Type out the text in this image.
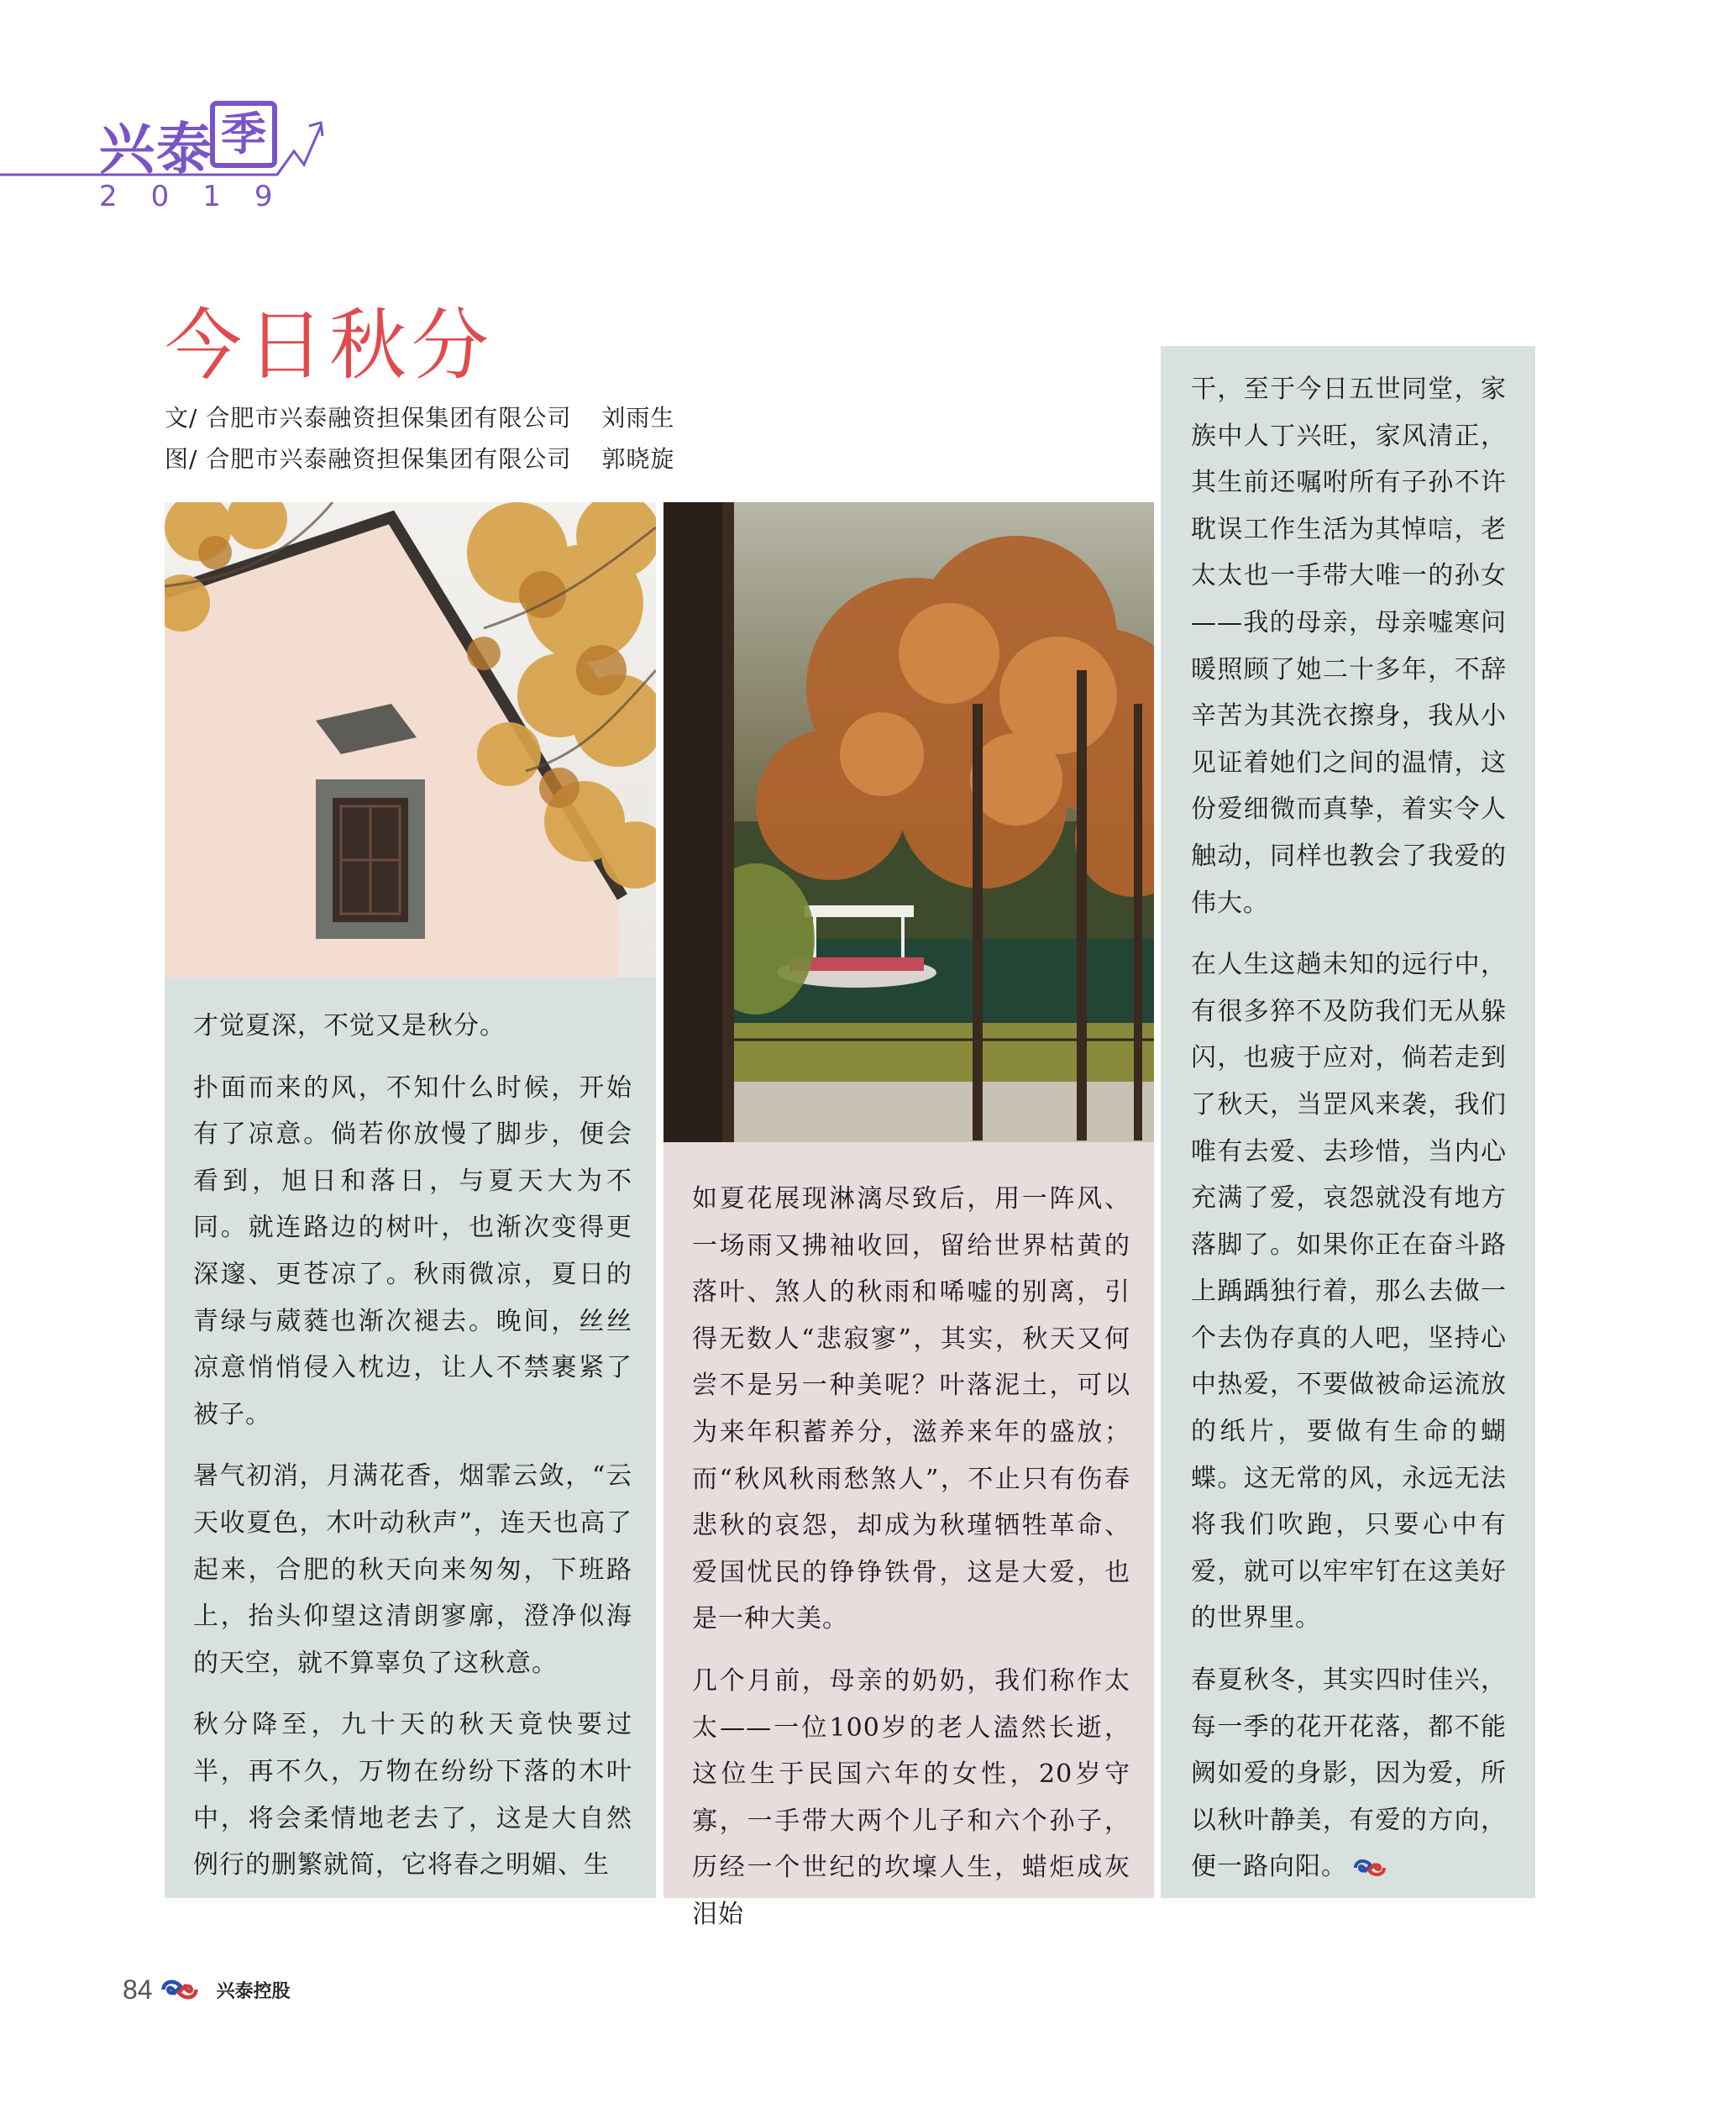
兴泰 季
2019
今日秋分
文/ 合肥市兴泰融资担保集团有限公司 刘雨生
图/ 合肥市兴泰融资担保集团有限公司 郭晓旋

才觉夏深，不觉又是秋分。

扑面而来的风，不知什么时候，开始有了凉意。倘若你放慢了脚步，便会看到，旭日和落日，与夏天大为不同。就连路边的树叶，也渐次变得更深邃、更苍凉了。秋雨微凉，夏日的青绿与葳蕤也渐次褪去。晚间，丝丝凉意悄悄侵入枕边，让人不禁裹紧了被子。

暑气初消，月满花香，烟霏云敛，“云天收夏色，木叶动秋声”，连天也高了起来，合肥的秋天向来匆匆，下班路上，抬头仰望这清朗寥廓，澄净似海的天空，就不算辜负了这秋意。

秋分降至，九十天的秋天竟快要过半，再不久，万物在纷纷下落的木叶中，将会柔情地老去了，这是大自然例行的删繁就简，它将春之明媚、生

如夏花展现淋漓尽致后，用一阵风、一场雨又拂袖收回，留给世界枯黄的落叶、煞人的秋雨和唏嘘的别离，引得无数人“悲寂寥”，其实，秋天又何尝不是另一种美呢？叶落泥土，可以为来年积蓄养分，滋养来年的盛放；而“秋风秋雨愁煞人”，不止只有伤春悲秋的哀怨，却成为秋瑾牺牲革命、爱国忧民的铮铮铁骨，这是大爱，也是一种大美。

几个月前，母亲的奶奶，我们称作太太——一位100岁的老人溘然长逝，这位生于民国六年的女性，20岁守寡，一手带大两个儿子和六个孙子，历经一个世纪的坎壈人生，蜡炬成灰泪始

干，至于今日五世同堂，家族中人丁兴旺，家风清正，其生前还嘱咐所有子孙不许耽误工作生活为其悼唁，老太太也一手带大唯一的孙女——我的母亲，母亲嘘寒问暖照顾了她二十多年，不辞辛苦为其洗衣擦身，我从小见证着她们之间的温情，这份爱细微而真挚，着实令人触动，同样也教会了我爱的伟大。

在人生这趟未知的远行中，有很多猝不及防我们无从躲闪，也疲于应对，倘若走到了秋天，当罡风来袭，我们唯有去爱、去珍惜，当内心充满了爱，哀怨就没有地方落脚了。如果你正在奋斗路上踽踽独行着，那么去做一个去伪存真的人吧，坚持心中热爱，不要做被命运流放的纸片，要做有生命的蝴蝶。这无常的风，永远无法将我们吹跑，只要心中有爱，就可以牢牢钉在这美好的世界里。

春夏秋冬，其实四时佳兴，每一季的花开花落，都不能阙如爱的身影，因为爱，所以秋叶静美，有爱的方向，便一路向阳。

84	兴泰控股
